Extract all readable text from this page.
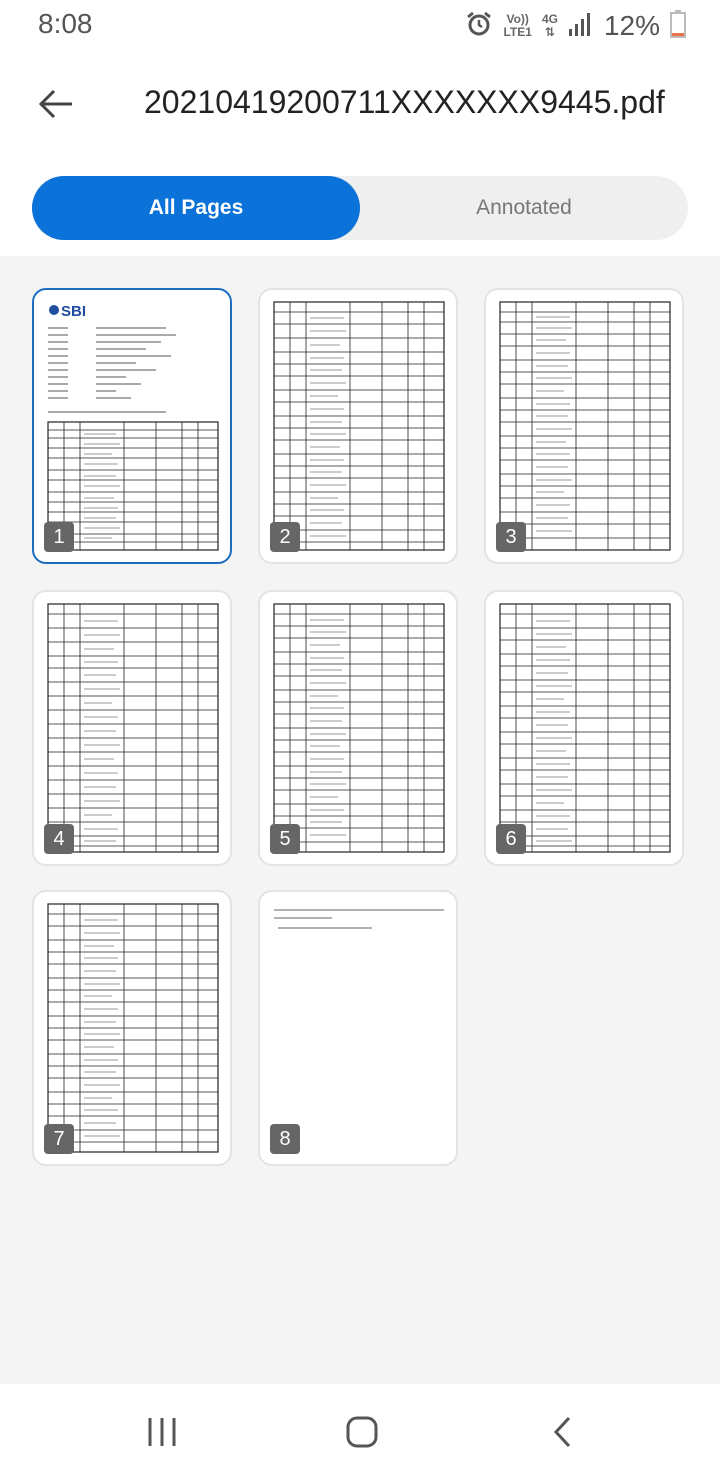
8:08	Vo))
LTE1
4G
⇅ 12%
20210419200711XXXXXXX9445.pdf
All Pages	Annotated
SBI
1	2	3
4	5	6
7	8
